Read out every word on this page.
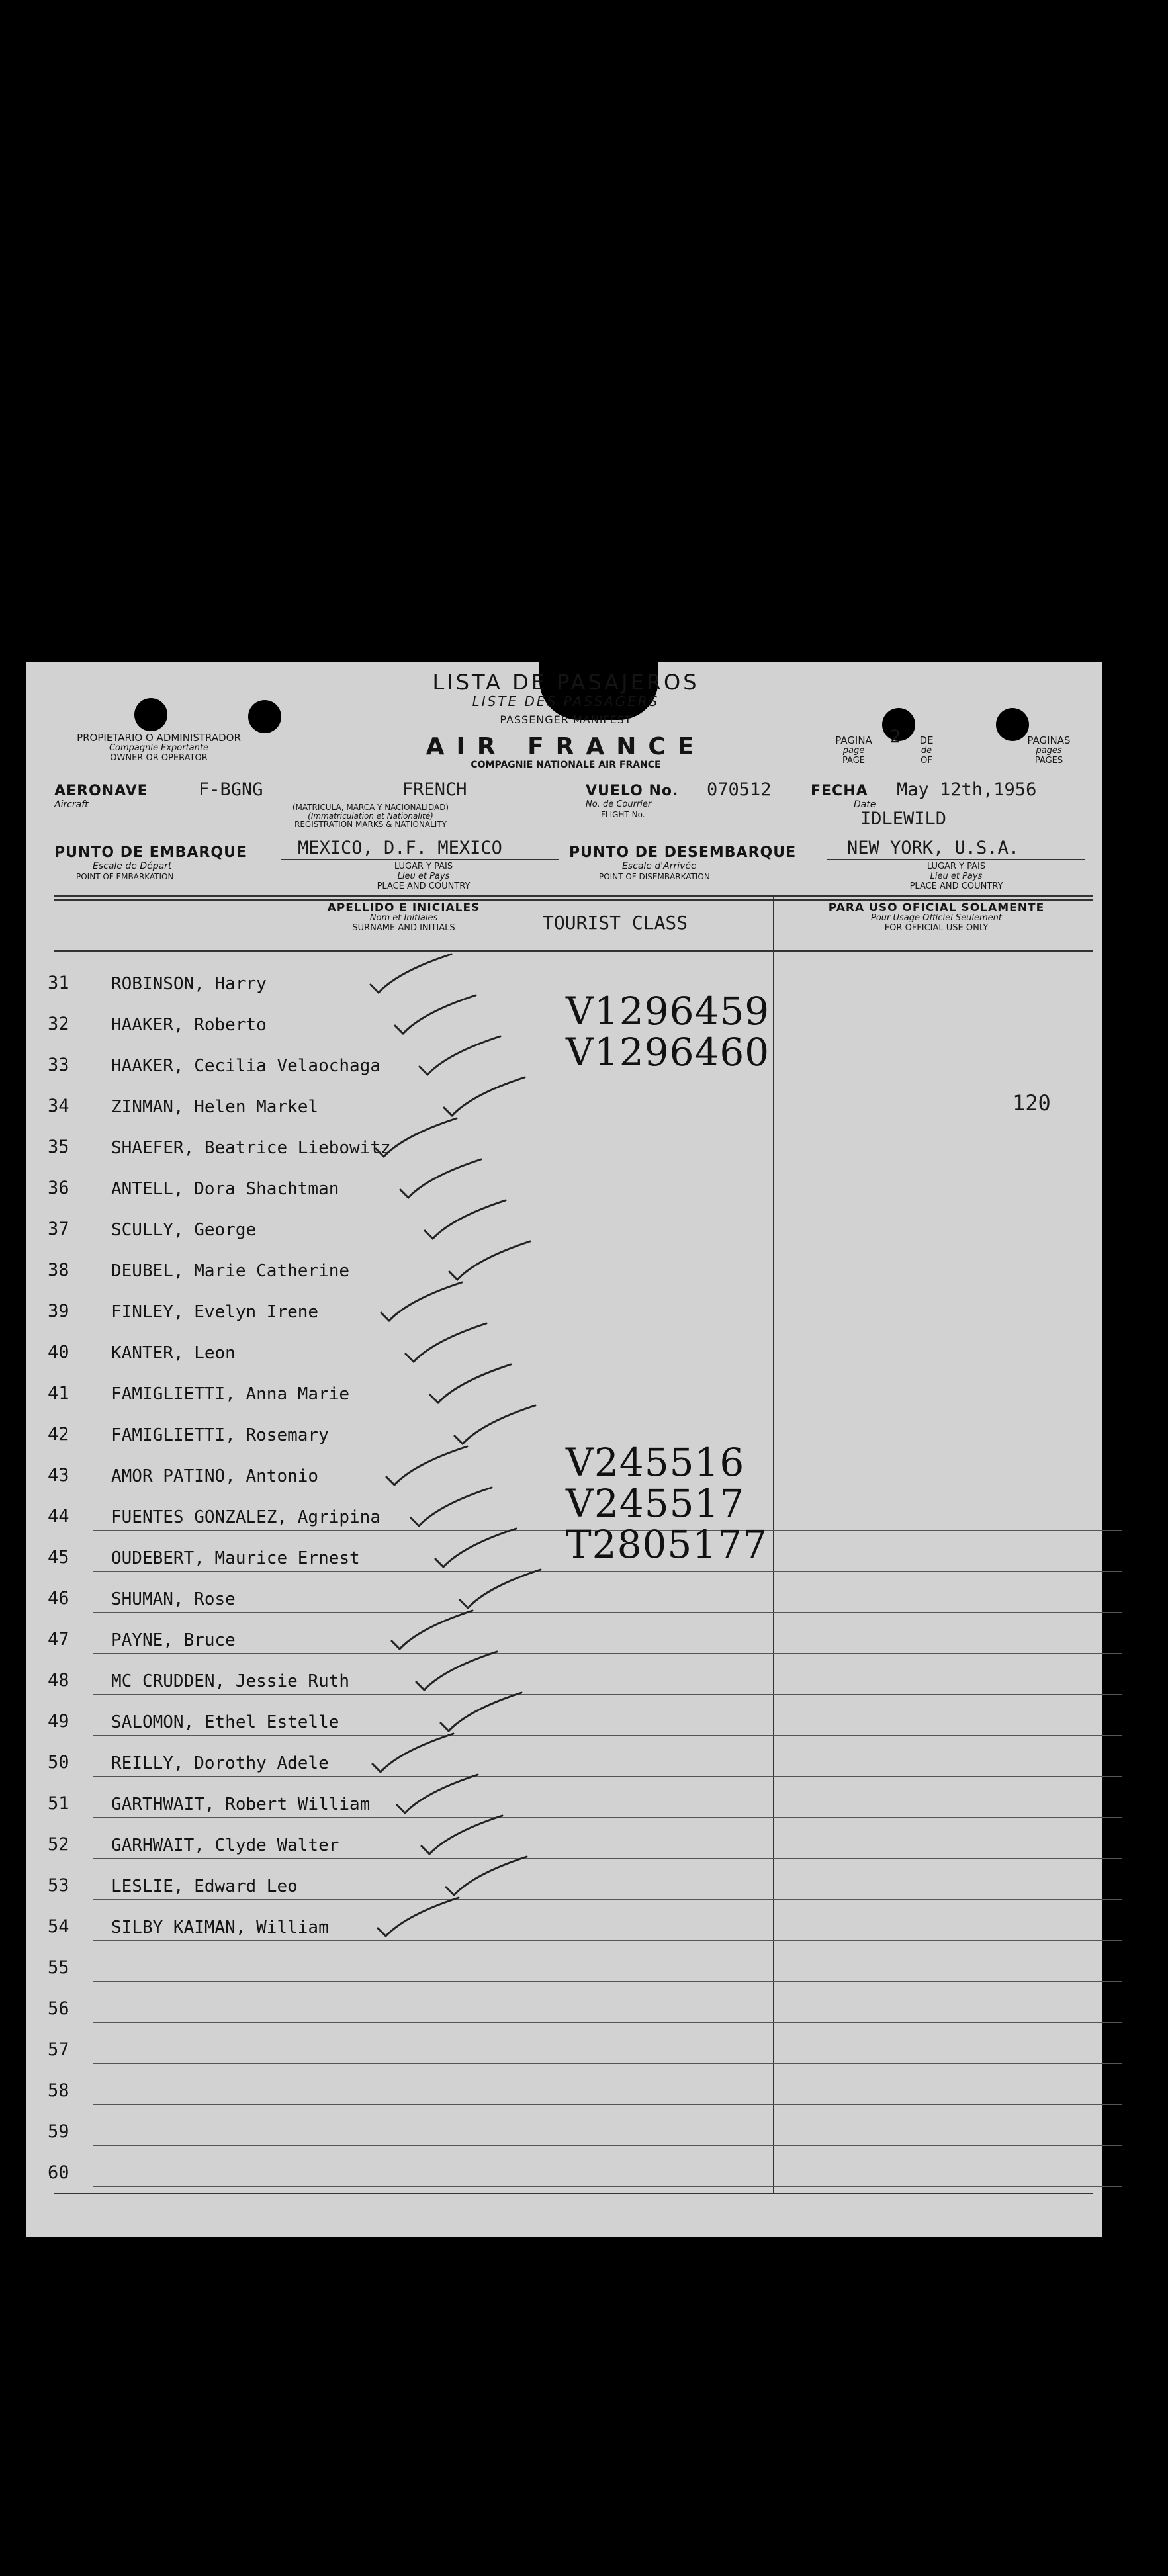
LISTA DE PASAJEROS
LISTE DES PASSAGERS
PASSENGER MANIFEST
PROPIETARIO O ADMINISTRADOR
Compagnie Exportante
OWNER OR OPERATOR	AIR FRANCE
COMPAGNIE NATIONALE AIR FRANCE
PAGINA
page
PAGE
2	DE
de
OF
PAGINAS
pages
PAGES
AERONAVE
Aircraft
F-BGNG	FRENCH
(MATRICULA, MARCA Y NACIONALIDAD)
(Immatriculation et Nationalité)
REGISTRATION MARKS & NATIONALITY
VUELO No.
No. de Courrier
FLIGHT No.
070512	FECHA
Date
May 12th,1956
IDLEWILD
PUNTO DE EMBARQUE
Escale de Départ
POINT OF EMBARKATION
MEXICO, D.F. MEXICO
LUGAR Y PAIS
Lieu et Pays
PLACE AND COUNTRY
PUNTO DE DESEMBARQUE
Escale d'Arrivée
POINT OF DISEMBARKATION
NEW YORK, U.S.A.
LUGAR Y PAIS
Lieu et Pays
PLACE AND COUNTRY
APELLIDO E INICIALES
Nom et Initiales
SURNAME AND INITIALS	TOURIST CLASS
PARA USO OFICIAL SOLAMENTE
Pour Usage Officiel Seulement
FOR OFFICIAL USE ONLY
31	ROBINSON, Harry
32	HAAKER, Roberto	V1296459
33	HAAKER, Cecilia Velaochaga	V1296460
34	ZINMAN, Helen Markel	120
35	SHAEFER, Beatrice Liebowitz
36	ANTELL, Dora Shachtman
37	SCULLY, George
38	DEUBEL, Marie Catherine
39	FINLEY, Evelyn Irene
40	KANTER, Leon
41	FAMIGLIETTI, Anna Marie
42	FAMIGLIETTI, Rosemary
43	AMOR PATINO, Antonio	V245516
44	FUENTES GONZALEZ, Agripina	V245517
45	OUDEBERT, Maurice Ernest	T2805177
46	SHUMAN, Rose
47	PAYNE, Bruce
48	MC CRUDDEN, Jessie Ruth
49	SALOMON, Ethel Estelle
50	REILLY, Dorothy Adele
51	GARTHWAIT, Robert William
52	GARHWAIT, Clyde Walter
53	LESLIE, Edward Leo
54	SILBY KAIMAN, William
55
56
57
58
59
60
